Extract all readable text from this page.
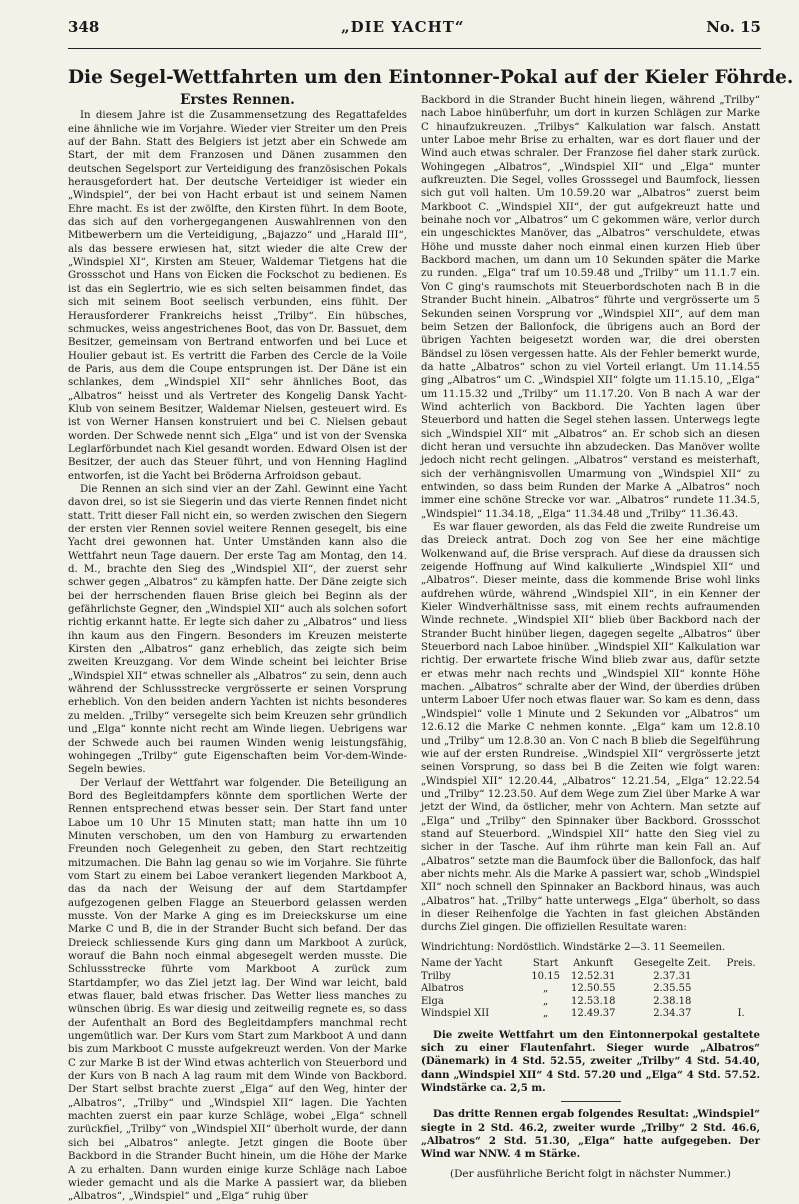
348	„DIE YACHT“	No. 15
Die Segel-Wettfahrten um den Eintonner-Pokal auf der Kieler Föhrde.
Erstes Rennen.

In diesem Jahre ist die Zusammensetzung des Regattafeldes eine ähnliche wie im Vorjahre. Wieder vier Streiter um den Preis auf der Bahn. Statt des Belgiers ist jetzt aber ein Schwede am Start, der mit dem Franzosen und Dänen zusammen den deutschen Segelsport zur Verteidigung des französischen Pokals herausgefordert hat. Der deutsche Verteidiger ist wieder ein „Windspiel“, der bei von Hacht erbaut ist und seinem Namen Ehre macht. Es ist der zwölfte, den Kirsten führt. In dem Boote, das sich auf den vorhergegangenen Auswahlrennen von den Mitbewerbern um die Verteidigung, „Bajazzo“ und „Harald III“, als das bessere erwiesen hat, sitzt wieder die alte Crew der „Windspiel XI“, Kirsten am Steuer, Waldemar Tietgens hat die Grossschot und Hans von Eicken die Fockschot zu bedienen. Es ist das ein Seglertrio, wie es sich selten beisammen findet, das sich mit seinem Boot seelisch verbunden, eins fühlt. Der Herausforderer Frankreichs heisst „Trilby“. Ein hübsches, schmuckes, weiss angestrichenes Boot, das von Dr. Bassuet, dem Besitzer, gemeinsam von Bertrand entworfen und bei Luce et Houlier gebaut ist. Es vertritt die Farben des Cercle de la Voile de Paris, aus dem die Coupe entsprungen ist. Der Däne ist ein schlankes, dem „Windspiel XII“ sehr ähnliches Boot, das „Albatros“ heisst und als Vertreter des Kongelig Dansk Yacht-Klub von seinem Besitzer, Waldemar Nielsen, gesteuert wird. Es ist von Werner Hansen konstruiert und bei C. Nielsen gebaut worden. Der Schwede nennt sich „Elga“ und ist von der Svenska Leglarförbundet nach Kiel gesandt worden. Edward Olsen ist der Besitzer, der auch das Steuer führt, und von Henning Haglind entworfen, ist die Yacht bei Bröderna Arfroidson gebaut.

Die Rennen an sich sind vier an der Zahl. Gewinnt eine Yacht davon drei, so ist sie Siegerin und das vierte Rennen findet nicht statt. Tritt dieser Fall nicht ein, so werden zwischen den Siegern der ersten vier Rennen soviel weitere Rennen gesegelt, bis eine Yacht drei gewonnen hat. Unter Umständen kann also die Wettfahrt neun Tage dauern. Der erste Tag am Montag, den 14. d. M., brachte den Sieg des „Windspiel XII“, der zuerst sehr schwer gegen „Albatros“ zu kämpfen hatte. Der Däne zeigte sich bei der herrschenden flauen Brise gleich bei Beginn als der gefährlichste Gegner, den „Windspiel XII“ auch als solchen sofort richtig erkannt hatte. Er legte sich daher zu „Albatros“ und liess ihn kaum aus den Fingern. Besonders im Kreuzen meisterte Kirsten den „Albatros“ ganz erheblich, das zeigte sich beim zweiten Kreuzgang. Vor dem Winde scheint bei leichter Brise „Windspiel XII“ etwas schneller als „Albatros“ zu sein, denn auch während der Schlussstrecke vergrösserte er seinen Vorsprung erheblich. Von den beiden andern Yachten ist nichts besonderes zu melden. „Trilby“ versegelte sich beim Kreuzen sehr gründlich und „Elga“ konnte nicht recht am Winde liegen. Uebrigens war der Schwede auch bei raumen Winden wenig leistungsfähig, wohingegen „Trilby“ gute Eigenschaften beim Vor-dem-Winde-Segeln bewies.

Der Verlauf der Wettfahrt war folgender. Die Beteiligung an Bord des Begleitdampfers könnte dem sportlichen Werte der Rennen entsprechend etwas besser sein. Der Start fand unter Laboe um 10 Uhr 15 Minuten statt; man hatte ihn um 10 Minuten verschoben, um den von Hamburg zu erwartenden Freunden noch Gelegenheit zu geben, den Start rechtzeitig mitzumachen. Die Bahn lag genau so wie im Vorjahre. Sie führte vom Start zu einem bei Laboe verankert liegenden Markboot A, das da nach der Weisung der auf dem Startdampfer aufgezogenen gelben Flagge an Steuerbord gelassen werden musste. Von der Marke A ging es im Dreieckskurse um eine Marke C und B, die in der Strander Bucht sich befand. Der das Dreieck schliessende Kurs ging dann um Markboot A zurück, worauf die Bahn noch einmal abgesegelt werden musste. Die Schlussstrecke führte vom Markboot A zurück zum Startdampfer, wo das Ziel jetzt lag. Der Wind war leicht, bald etwas flauer, bald etwas frischer. Das Wetter liess manches zu wünschen übrig. Es war diesig und zeitweilig regnete es, so dass der Aufenthalt an Bord des Begleitdampfers manchmal recht ungemütlich war. Der Kurs vom Start zum Markboot A und dann bis zum Markboot C musste aufgekreuzt werden. Von der Marke C zur Marke B ist der Wind etwas achterlich von Steuerbord und der Kurs von B nach A lag raum mit dem Winde von Backbord. Der Start selbst brachte zuerst „Elga“ auf den Weg, hinter der „Albatros“, „Trilby“ und „Windspiel XII“ lagen. Die Yachten machten zuerst ein paar kurze Schläge, wobei „Elga“ schnell zurückfiel, „Trilby“ von „Windspiel XII“ überholt wurde, der dann sich bei „Albatros“ anlegte. Jetzt gingen die Boote über Backbord in die Strander Bucht hinein, um die Höhe der Marke A zu erhalten. Dann wurden einige kurze Schläge nach Laboe wieder gemacht und als die Marke A passiert war, da blieben „Albatros“, „Windspiel“ und „Elga“ ruhig über

Backbord in die Strander Bucht hinein liegen, während „Trilby“ nach Laboe hinüberfuhr, um dort in kurzen Schlägen zur Marke C hinaufzukreuzen. „Trilbys“ Kalkulation war falsch. Anstatt unter Laboe mehr Brise zu erhalten, war es dort flauer und der Wind auch etwas schraler. Der Franzose fiel daher stark zurück. Wohingegen „Albatros“, „Windspiel XII“ und „Elga“ munter aufkreuzten. Die Segel, volles Grosssegel und Baumfock, liessen sich gut voll halten. Um 10.59.20 war „Albatros“ zuerst beim Markboot C. „Windspiel XII“, der gut aufgekreuzt hatte und beinahe noch vor „Albatros“ um C gekommen wäre, verlor durch ein ungeschicktes Manöver, das „Albatros“ verschuldete, etwas Höhe und musste daher noch einmal einen kurzen Hieb über Backbord machen, um dann um 10 Sekunden später die Marke zu runden. „Elga“ traf um 10.59.48 und „Trilby“ um 11.1.7 ein. Von C ging's raumschots mit Steuerbordschoten nach B in die Strander Bucht hinein. „Albatros“ führte und vergrösserte um 5 Sekunden seinen Vorsprung vor „Windspiel XII“, auf dem man beim Setzen der Ballonfock, die übrigens auch an Bord der übrigen Yachten beigesetzt worden war, die drei obersten Bändsel zu lösen vergessen hatte. Als der Fehler bemerkt wurde, da hatte „Albatros“ schon zu viel Vorteil erlangt. Um 11.14.55 ging „Albatros“ um C. „Windspiel XII“ folgte um 11.15.10, „Elga“ um 11.15.32 und „Trilby“ um 11.17.20. Von B nach A war der Wind achterlich von Backbord. Die Yachten lagen über Steuerbord und hatten die Segel stehen lassen. Unterwegs legte sich „Windspiel XII“ mit „Albatros“ an. Er schob sich an diesen dicht heran und versuchte ihn abzudecken. Das Manöver wollte jedoch nicht recht gelingen. „Albatros“ verstand es meisterhaft, sich der verhängnisvollen Umarmung von „Windspiel XII“ zu entwinden, so dass beim Runden der Marke A „Albatros“ noch immer eine schöne Strecke vor war. „Albatros“ rundete 11.34.5, „Windspiel“ 11.34.18, „Elga“ 11.34.48 und „Trilby“ 11.36.43.

Es war flauer geworden, als das Feld die zweite Rundreise um das Dreieck antrat. Doch zog von See her eine mächtige Wolkenwand auf, die Brise versprach. Auf diese da draussen sich zeigende Hoffnung auf Wind kalkulierte „Windspiel XII“ und „Albatros“. Dieser meinte, dass die kommende Brise wohl links aufdrehen würde, während „Windspiel XII“, in ein Kenner der Kieler Windverhältnisse sass, mit einem rechts aufraumenden Winde rechnete. „Windspiel XII“ blieb über Backbord nach der Strander Bucht hinüber liegen, dagegen segelte „Albatros“ über Steuerbord nach Laboe hinüber. „Windspiel XII“ Kalkulation war richtig. Der erwartete frische Wind blieb zwar aus, dafür setzte er etwas mehr nach rechts und „Windspiel XII“ konnte Höhe machen. „Albatros“ schralte aber der Wind, der überdies drüben unterm Laboer Ufer noch etwas flauer war. So kam es denn, dass „Windspiel“ volle 1 Minute und 2 Sekunden vor „Albatros“ um 12.6.12 die Marke C nehmen konnte. „Elga“ kam um 12.8.10 und „Trilby“ um 12.8.30 an. Von C nach B blieb die Segelführung wie auf der ersten Rundreise. „Windspiel XII“ vergrösserte jetzt seinen Vorsprung, so dass bei B die Zeiten wie folgt waren: „Windspiel XII“ 12.20.44, „Albatros“ 12.21.54, „Elga“ 12.22.54 und „Trilby“ 12.23.50. Auf dem Wege zum Ziel über Marke A war jetzt der Wind, da östlicher, mehr von Achtern. Man setzte auf „Elga“ und „Trilby“ den Spinnaker über Backbord. Grossschot stand auf Steuerbord. „Windspiel XII“ hatte den Sieg viel zu sicher in der Tasche. Auf ihm rührte man kein Fall an. Auf „Albatros“ setzte man die Baumfock über die Ballonfock, das half aber nichts mehr. Als die Marke A passiert war, schob „Windspiel XII“ noch schnell den Spinnaker an Backbord hinaus, was auch „Albatros“ hat. „Trilby“ hatte unterwegs „Elga“ überholt, so dass in dieser Reihenfolge die Yachten in fast gleichen Abständen durchs Ziel gingen. Die offiziellen Resultate waren:

Windrichtung: Nordöstlich. Windstärke 2—3. 11 Seemeilen.
Name der Yacht	Start	Ankunft	Gesegelte Zeit.	Preis.
Trilby	10.15	12.52.31	2.37.31	
Albatros	„	12.50.55	2.35.55	
Elga	„	12.53.18	2.38.18	
Windspiel XII	„	12.49.37	2.34.37	I.

Die zweite Wettfahrt um den Eintonnerpokal gestaltete sich zu einer Flautenfahrt. Sieger wurde „Albatros“ (Dänemark) in 4 Std. 52.55, zweiter „Trilby“ 4 Std. 54.40, dann „Windspiel XII“ 4 Std. 57.20 und „Elga“ 4 Std. 57.52. Windstärke ca. 2,5 m.

Das dritte Rennen ergab folgendes Resultat: „Windspiel“ siegte in 2 Std. 46.2, zweiter wurde „Trilby“ 2 Std. 46.6, „Albatros“ 2 Std. 51.30, „Elga“ hatte aufgegeben. Der Wind war NNW. 4 m Stärke.

(Der ausführliche Bericht folgt in nächster Nummer.)
